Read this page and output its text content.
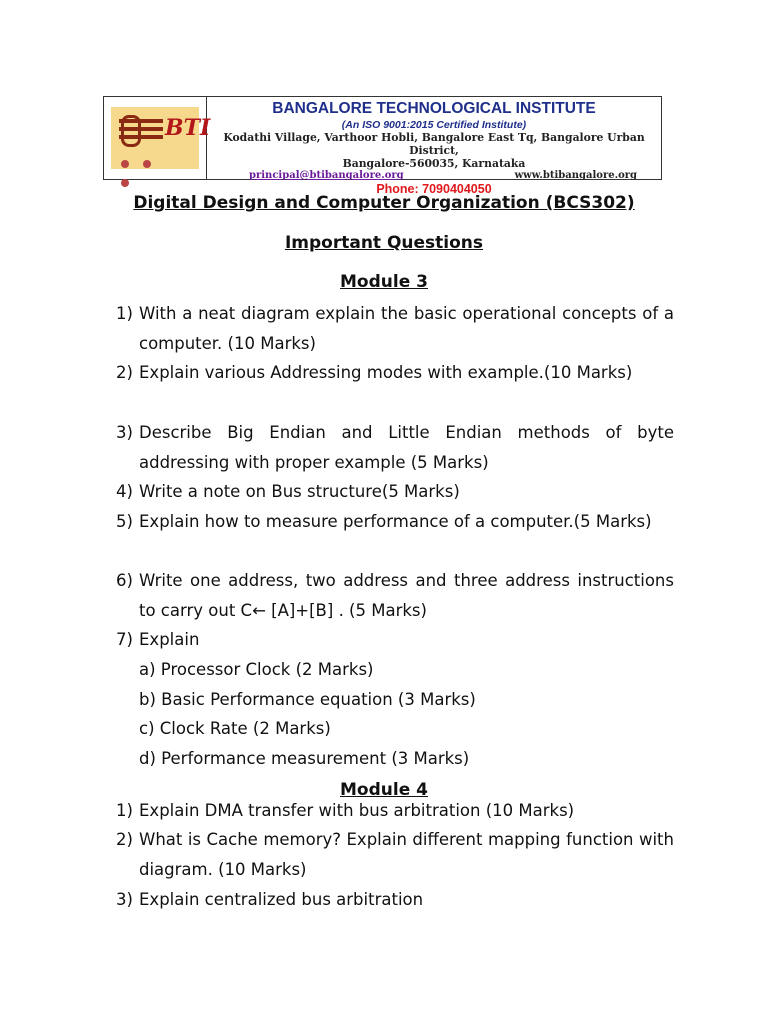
BTI
BANGALORE TECHNOLOGICAL INSTITUTE
(An ISO 9001:2015 Certified Institute)
Kodathi Village, Varthoor Hobli, Bangalore East Tq, Bangalore Urban District,
Bangalore-560035, Karnataka
principal@btibangalore.org	www.btibangalore.org
Phone: 7090404050
Digital Design and Computer Organization (BCS302)
Important Questions
Module 3
1) With a neat diagram explain the basic operational concepts of a computer. (10 Marks)
2) Explain various Addressing modes with example.(10 Marks)
3) Describe Big Endian and Little Endian methods of byte addressing with proper example (5 Marks)
4) Write a note on Bus structure(5 Marks)
5) Explain how to measure performance of a computer.(5 Marks)
6) Write one address, two address and three address instructions to carry out C← [A]+[B] . (5 Marks)
7) Explain
a) Processor Clock (2 Marks)
b) Basic Performance equation (3 Marks)
c) Clock Rate (2 Marks)
d) Performance measurement (3 Marks)
Module 4
1) Explain DMA transfer with bus arbitration (10 Marks)
2) What is Cache memory? Explain different mapping function with diagram. (10 Marks)
3) Explain centralized bus arbitration
